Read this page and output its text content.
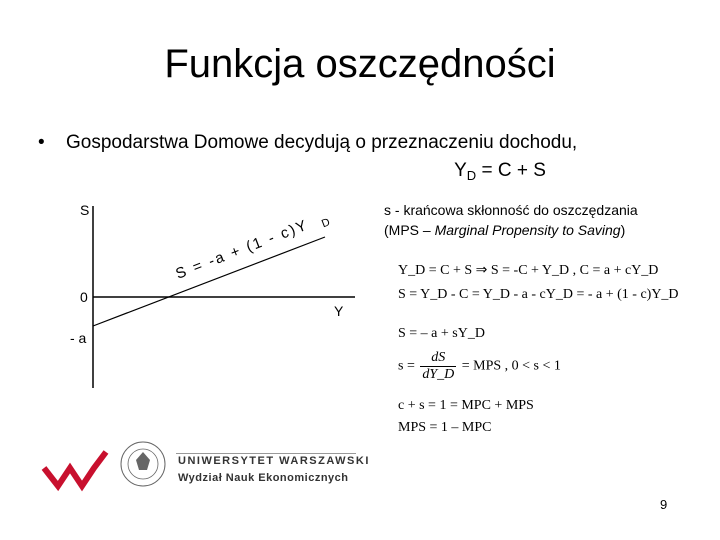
Funkcja oszczędności
• Gospodarstwa Domowe decydują o przeznaczeniu dochodu,
$Y_D = C + S$
S
Y
0
- a
S = -a + (1 - c)Y D
s - krańcowa skłonność do oszczędzania
(MPS – Marginal Propensity to Saving)
Y_D = C + S ⇒ S = -C + Y_D , C = a + cY_D
S = Y_D - C = Y_D - a - cY_D = - a + (1 - c)Y_D
S = – a + sY_D
$s = \frac{dS}{dY\_D}$ = MPS , 0 < s < 1
c + s = 1 = MPC + MPS
MPS = 1 – MPC
UNIWERSYTET WARSZAWSKI
Wydział Nauk Ekonomicznych
9
